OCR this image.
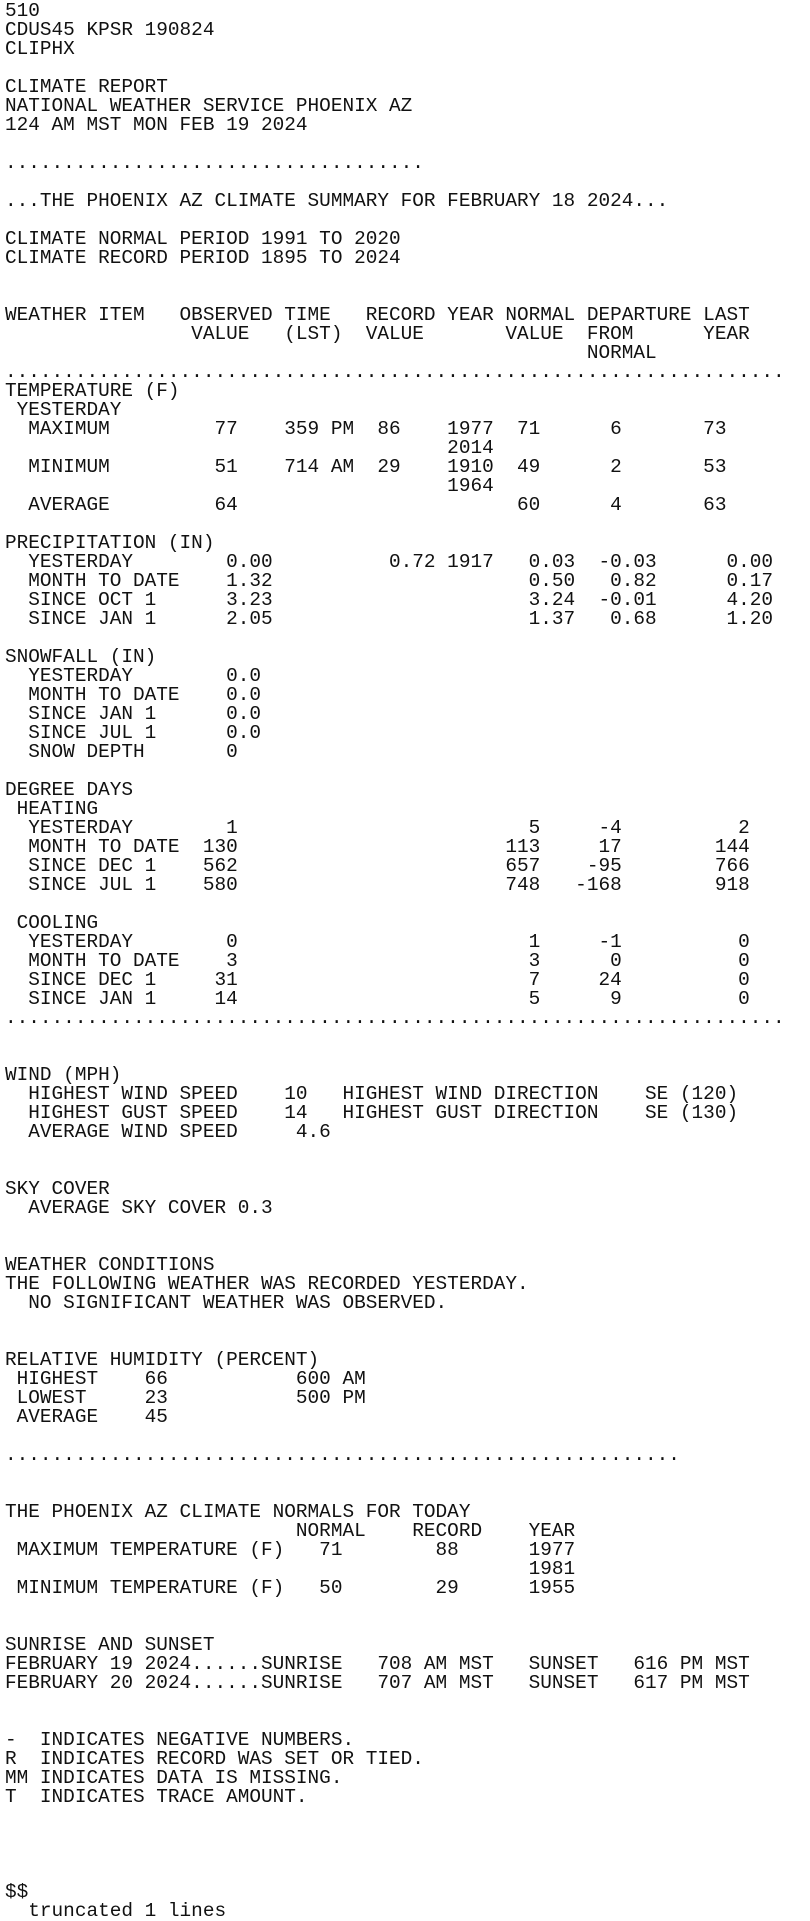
510
CDUS45 KPSR 190824
CLIPHX
CLIMATE REPORT
NATIONAL WEATHER SERVICE PHOENIX AZ
124 AM MST MON FEB 19 2024
....................................
...THE PHOENIX AZ CLIMATE SUMMARY FOR FEBRUARY 18 2024...
CLIMATE NORMAL PERIOD 1991 TO 2020
CLIMATE RECORD PERIOD 1895 TO 2024
WEATHER ITEM   OBSERVED TIME   RECORD YEAR NORMAL DEPARTURE LAST
VALUE   (LST)  VALUE       VALUE  FROM      YEAR
NORMAL
...................................................................
TEMPERATURE (F)
YESTERDAY
MAXIMUM         77    359 PM  86    1977  71      6       73
2014
MINIMUM         51    714 AM  29    1910  49      2       53
1964
AVERAGE         64                        60      4       63
PRECIPITATION (IN)
YESTERDAY        0.00          0.72 1917   0.03  -0.03      0.00
MONTH TO DATE    1.32                      0.50   0.82      0.17
SINCE OCT 1      3.23                      3.24  -0.01      4.20
SINCE JAN 1      2.05                      1.37   0.68      1.20
SNOWFALL (IN)
YESTERDAY        0.0
MONTH TO DATE    0.0
SINCE JAN 1      0.0
SINCE JUL 1      0.0
SNOW DEPTH       0
DEGREE DAYS
HEATING
YESTERDAY        1                         5     -4          2
MONTH TO DATE  130                       113     17        144
SINCE DEC 1    562                       657    -95        766
SINCE JUL 1    580                       748   -168        918
COOLING
YESTERDAY        0                         1     -1          0
MONTH TO DATE    3                         3      0          0
SINCE DEC 1     31                         7     24          0
SINCE JAN 1     14                         5      9          0
...................................................................
WIND (MPH)
HIGHEST WIND SPEED    10   HIGHEST WIND DIRECTION    SE (120)
HIGHEST GUST SPEED    14   HIGHEST GUST DIRECTION    SE (130)
AVERAGE WIND SPEED     4.6
SKY COVER
AVERAGE SKY COVER 0.3
WEATHER CONDITIONS
THE FOLLOWING WEATHER WAS RECORDED YESTERDAY.
NO SIGNIFICANT WEATHER WAS OBSERVED.
RELATIVE HUMIDITY (PERCENT)
HIGHEST    66           600 AM
LOWEST     23           500 PM
AVERAGE    45
..........................................................
THE PHOENIX AZ CLIMATE NORMALS FOR TODAY
NORMAL    RECORD    YEAR
MAXIMUM TEMPERATURE (F)   71        88      1977
1981
MINIMUM TEMPERATURE (F)   50        29      1955
SUNRISE AND SUNSET
FEBRUARY 19 2024......SUNRISE   708 AM MST   SUNSET   616 PM MST
FEBRUARY 20 2024......SUNRISE   707 AM MST   SUNSET   617 PM MST
-  INDICATES NEGATIVE NUMBERS.
R  INDICATES RECORD WAS SET OR TIED.
MM INDICATES DATA IS MISSING.
T  INDICATES TRACE AMOUNT.
$$
truncated 1 lines
